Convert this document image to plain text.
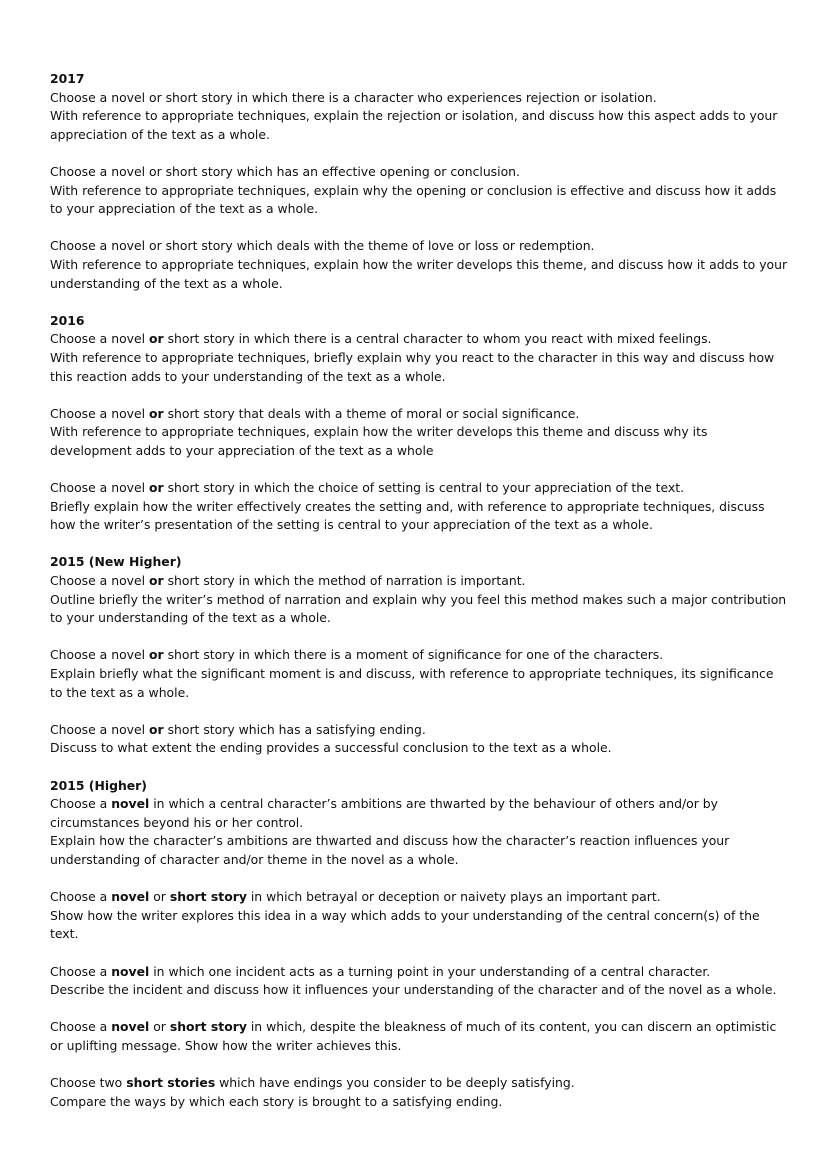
2017
Choose a novel or short story in which there is a character who experiences rejection or isolation.
With reference to appropriate techniques, explain the rejection or isolation, and discuss how this aspect adds to your appreciation of the text as a whole.
Choose a novel or short story which has an effective opening or conclusion.
With reference to appropriate techniques, explain why the opening or conclusion is effective and discuss how it adds to your appreciation of the text as a whole.
Choose a novel or short story which deals with the theme of love or loss or redemption.
With reference to appropriate techniques, explain how the writer develops this theme, and discuss how it adds to your understanding of the text as a whole.
2016
Choose a novel or short story in which there is a central character to whom you react with mixed feelings.
With reference to appropriate techniques, briefly explain why you react to the character in this way and discuss how this reaction adds to your understanding of the text as a whole.
Choose a novel or short story that deals with a theme of moral or social significance.
With reference to appropriate techniques, explain how the writer develops this theme and discuss why its development adds to your appreciation of the text as a whole
Choose a novel or short story in which the choice of setting is central to your appreciation of the text.
Briefly explain how the writer effectively creates the setting and, with reference to appropriate techniques, discuss how the writer’s presentation of the setting is central to your appreciation of the text as a whole.
2015 (New Higher)
Choose a novel or short story in which the method of narration is important.
Outline briefly the writer’s method of narration and explain why you feel this method makes such a major contribution to your understanding of the text as a whole.
Choose a novel or short story in which there is a moment of significance for one of the characters.
Explain briefly what the significant moment is and discuss, with reference to appropriate techniques, its significance to the text as a whole.
Choose a novel or short story which has a satisfying ending.
Discuss to what extent the ending provides a successful conclusion to the text as a whole.
2015 (Higher)
Choose a novel in which a central character’s ambitions are thwarted by the behaviour of others and/or by circumstances beyond his or her control.
Explain how the character’s ambitions are thwarted and discuss how the character’s reaction influences your understanding of character and/or theme in the novel as a whole.
Choose a novel or short story in which betrayal or deception or naivety plays an important part.
Show how the writer explores this idea in a way which adds to your understanding of the central concern(s) of the text.
Choose a novel in which one incident acts as a turning point in your understanding of a central character.
Describe the incident and discuss how it influences your understanding of the character and of the novel as a whole.
Choose a novel or short story in which, despite the bleakness of much of its content, you can discern an optimistic or uplifting message. Show how the writer achieves this.
Choose two short stories which have endings you consider to be deeply satisfying.
Compare the ways by which each story is brought to a satisfying ending.
